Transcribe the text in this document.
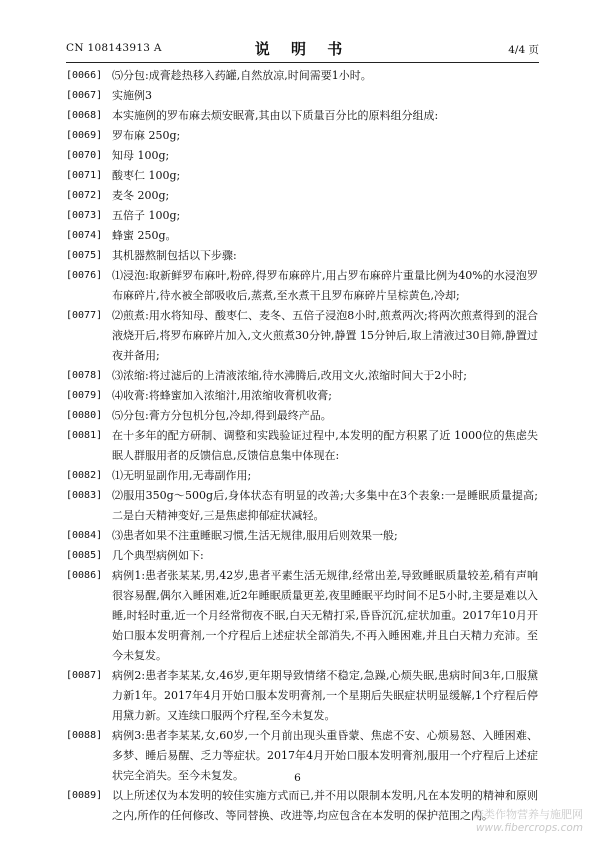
CN 108143913 A	说 明 书	4/4 页
[0066] ⑸分包:成膏趁热移入药罐,自然放凉,时间需要1小时。
[0067] 实施例3
[0068] 本实施例的罗布麻去烦安眠膏,其由以下质量百分比的原料组分组成:
[0069] 罗布麻 250g;
[0070] 知母 100g;
[0071] 酸枣仁 100g;
[0072] 麦冬 200g;
[0073] 五倍子 100g;
[0074] 蜂蜜 250g。
[0075] 其机器熬制包括以下步骤:
[0076] ⑴浸泡:取新鲜罗布麻叶,粉碎,得罗布麻碎片,用占罗布麻碎片重量比例为40%的水浸泡罗布麻碎片,待水被全部吸收后,蒸煮,至水煮干且罗布麻碎片呈棕黄色,冷却;
[0077] ⑵煎煮:用水将知母、酸枣仁、麦冬、五倍子浸泡8小时,煎煮两次;将两次煎煮得到的混合液烧开后,将罗布麻碎片加入,文火煎煮30分钟,静置 15分钟后,取上清液过30目筛,静置过夜并备用;
[0078] ⑶浓缩:将过滤后的上清液浓缩,待水沸腾后,改用文火,浓缩时间大于2小时;
[0079] ⑷收膏:将蜂蜜加入浓缩汁,用浓缩收膏机收膏;
[0080] ⑸分包:膏方分包机分包,冷却,得到最终产品。
[0081] 在十多年的配方研制、调整和实践验证过程中,本发明的配方积累了近 1000位的焦虑失眠人群服用者的反馈信息,反馈信息集中体现在:
[0082] ⑴无明显副作用,无毒副作用;
[0083] ⑵服用350g～500g后,身体状态有明显的改善;大多集中在3个表象:一是睡眠质量提高;二是白天精神变好,三是焦虑抑郁症状减轻。
[0084] ⑶患者如果不注重睡眠习惯,生活无规律,服用后则效果一般;
[0085] 几个典型病例如下:
[0086] 病例1:患者张某某,男,42岁,患者平素生活无规律,经常出差,导致睡眠质量较差,稍有声响很容易醒,偶尔入睡困难,近2年睡眠质量更差,夜里睡眠平均时间不足5小时,主要是难以入睡,时轻时重,近一个月经常彻夜不眠,白天无精打采,昏昏沉沉,症状加重。2017年10月开始口服本发明膏剂,一个疗程后上述症状全部消失,不再入睡困难,并且白天精力充沛。至今未复发。
[0087] 病例2:患者李某某,女,46岁,更年期导致情绪不稳定,急躁,心烦失眠,患病时间3年,口服黛力新1年。2017年4月开始口服本发明膏剂,一个星期后失眠症状明显缓解,1个疗程后停用黛力新。又连续口服两个疗程,至今未复发。
[0088] 病例3:患者李某某,女,60岁,一个月前出现头重昏蒙、焦虑不安、心烦易怒、入睡困难、多梦、睡后易醒、乏力等症状。2017年4月开始口服本发明膏剂,服用一个疗程后上述症状完全消失。至今未复发。
[0089] 以上所述仅为本发明的较佳实施方式而已,并不用以限制本发明,凡在本发明的精神和原则之内,所作的任何修改、等同替换、改进等,均应包含在本发明的保护范围之内。
6
麻类作物营养与施肥网
www.fibercrops.com
